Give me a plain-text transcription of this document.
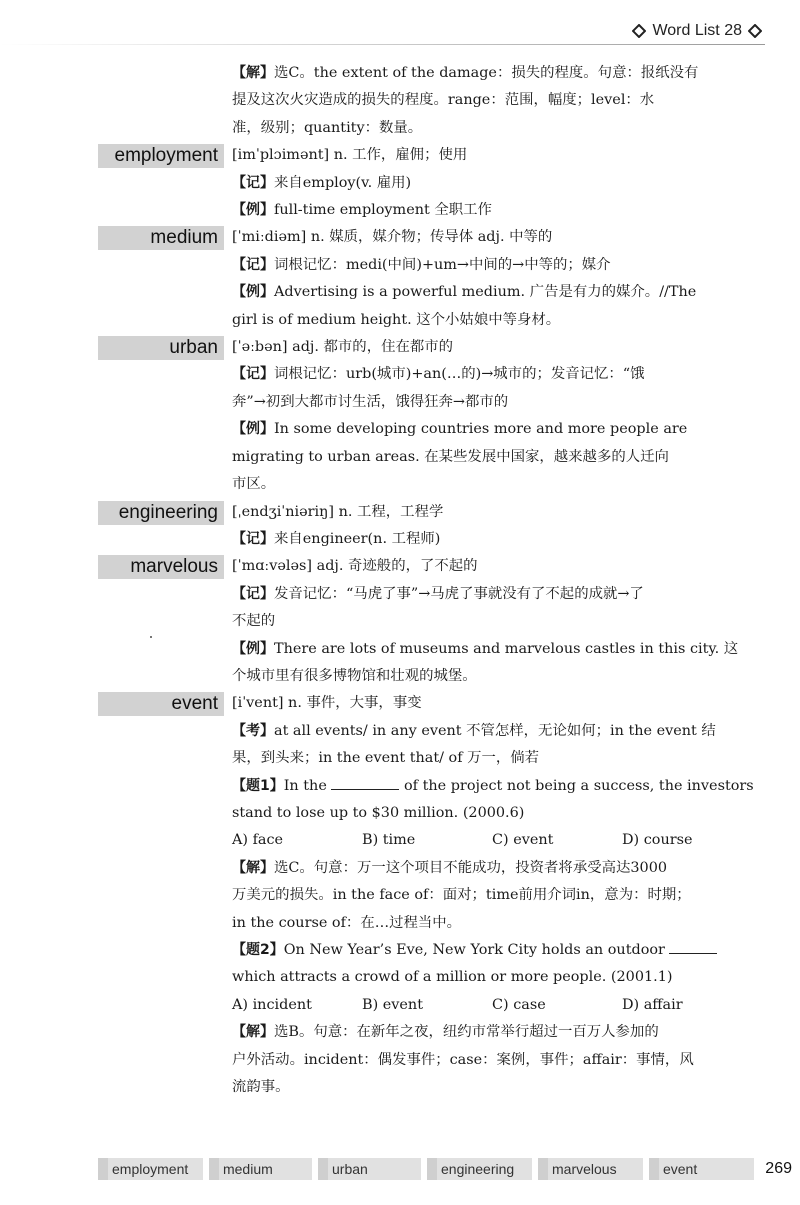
Word List 28
【解】选C。the extent of the damage：损失的程度。句意：报纸没有
提及这次火灾造成的损失的程度。range：范围，幅度；level：水
准，级别；quantity：数量。
employment [imˈplɔimənt] n. 工作，雇佣；使用
【记】来自employ(v. 雇用)
【例】full-time employment 全职工作
medium [ˈmiːdiəm] n. 媒质，媒介物；传导体 adj. 中等的
【记】词根记忆：medi(中间)+um→中间的→中等的；媒介
【例】Advertising is a powerful medium. 广告是有力的媒介。//The
girl is of medium height. 这个小姑娘中等身材。
urban [ˈəːbən] adj. 都市的，住在都市的
【记】词根记忆：urb(城市)+an(…的)→城市的；发音记忆：“饿
奔”→初到大都市讨生活，饿得狂奔→都市的
【例】In some developing countries more and more people are
migrating to urban areas. 在某些发展中国家，越来越多的人迁向
市区。
engineering [ˌendʒiˈniəriŋ] n. 工程，工程学
【记】来自engineer(n. 工程师)
marvelous [ˈmɑːvələs] adj. 奇迹般的，了不起的
【记】发音记忆：“马虎了事”→马虎了事就没有了不起的成就→了
不起的
【例】There are lots of museums and marvelous castles in this city. 这
个城市里有很多博物馆和壮观的城堡。
event [iˈvent] n. 事件，大事，事变
【考】at all events/ in any event 不管怎样，无论如何；in the event 结
果，到头来；in the event that/ of 万一，倘若
【题1】In the	of the project not being a success, the investors
stand to lose up to $30 million. (2000.6)
A) face	B) time	C) event	D) course
【解】选C。句意：万一这个项目不能成功，投资者将承受高达3000
万美元的损失。in the face of：面对；time前用介词in，意为：时期；
in the course of：在…过程当中。
【题2】On New Year’s Eve, New York City holds an outdoor
which attracts a crowd of a million or more people. (2001.1)
A) incident	B) event	C) case	D) affair
【解】选B。句意：在新年之夜，纽约市常举行超过一百万人参加的
户外活动。incident：偶发事件；case：案例，事件；affair：事情，风
流韵事。
employment	medium	urban	engineering	marvelous	event	269
